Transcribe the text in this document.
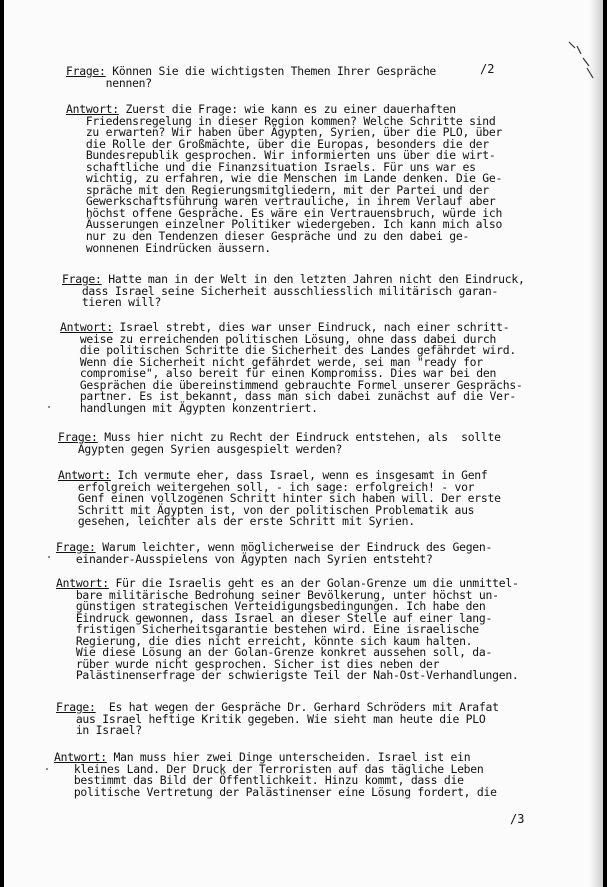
/2
Frage: Können Sie die wichtigsten Themen Ihrer Gespräche
nennen?
Antwort: Zuerst die Frage: wie kann es zu einer dauerhaften
Friedensregelung in dieser Region kommen? Welche Schritte sind
zu erwarten? Wir haben über Ägypten, Syrien, über die PLO, über
die Rolle der Großmächte, über die Europas, besonders die der
Bundesrepublik gesprochen. Wir informierten uns über die wirt-
schaftliche und die Finanzsituation Israels. Für uns war es
wichtig, zu erfahren, wie die Menschen im Lande denken. Die Ge-
spräche mit den Regierungsmitgliedern, mit der Partei und der
Gewerkschaftsführung waren vertrauliche, in ihrem Verlauf aber
höchst offene Gespräche. Es wäre ein Vertrauensbruch, würde ich
Äusserungen einzelner Politiker wiedergeben. Ich kann mich also
nur zu den Tendenzen dieser Gespräche und zu den dabei ge-
wonnenen Eindrücken äussern.
Frage: Hatte man in der Welt in den letzten Jahren nicht den Eindruck,
dass Israel seine Sicherheit ausschliesslich militärisch garan-
tieren will?
Antwort: Israel strebt, dies war unser Eindruck, nach einer schritt-
weise zu erreichenden politischen Lösung, ohne dass dabei durch
die politischen Schritte die Sicherheit des Landes gefährdet wird.
Wenn die Sicherheit nicht gefährdet werde, sei man "ready for
compromise", also bereit für einen Kompromiss. Dies war bei den
Gesprächen die übereinstimmend gebrauchte Formel unserer Gesprächs-
partner. Es ist bekannt, dass man sich dabei zunächst auf die Ver-
handlungen mit Ägypten konzentriert.
Frage: Muss hier nicht zu Recht der Eindruck entstehen, als  sollte
Ägypten gegen Syrien ausgespielt werden?
Antwort: Ich vermute eher, dass Israel, wenn es insgesamt in Genf
erfolgreich weitergehen soll, - ich sage: erfolgreich! - vor
Genf einen vollzogenen Schritt hinter sich haben will. Der erste
Schritt mit Ägypten ist, von der politischen Problematik aus
gesehen, leichter als der erste Schritt mit Syrien.
Frage: Warum leichter, wenn möglicherweise der Eindruck des Gegen-
einander-Ausspielens von Ägypten nach Syrien entsteht?
Antwort: Für die Israelis geht es an der Golan-Grenze um die unmittel-
bare militärische Bedrohung seiner Bevölkerung, unter höchst un-
günstigen strategischen Verteidigungsbedingungen. Ich habe den
Eindruck gewonnen, dass Israel an dieser Stelle auf einer lang-
fristigen Sicherheitsgarantie bestehen wird. Eine israelische
Regierung, die dies nicht erreicht, könnte sich kaum halten.
Wie diese Lösung an der Golan-Grenze konkret aussehen soll, da-
rüber wurde nicht gesprochen. Sicher ist dies neben der
Palästinenserfrage der schwierigste Teil der Nah-Ost-Verhandlungen.
Frage:  Es hat wegen der Gespräche Dr. Gerhard Schröders mit Arafat
aus Israel heftige Kritik gegeben. Wie sieht man heute die PLO
in Israel?
Antwort: Man muss hier zwei Dinge unterscheiden. Israel ist ein
kleines Land. Der Druck der Terroristen auf das tägliche Leben
bestimmt das Bild der Öffentlichkeit. Hinzu kommt, dass die
politische Vertretung der Palästinenser eine Lösung fordert, die
/3
